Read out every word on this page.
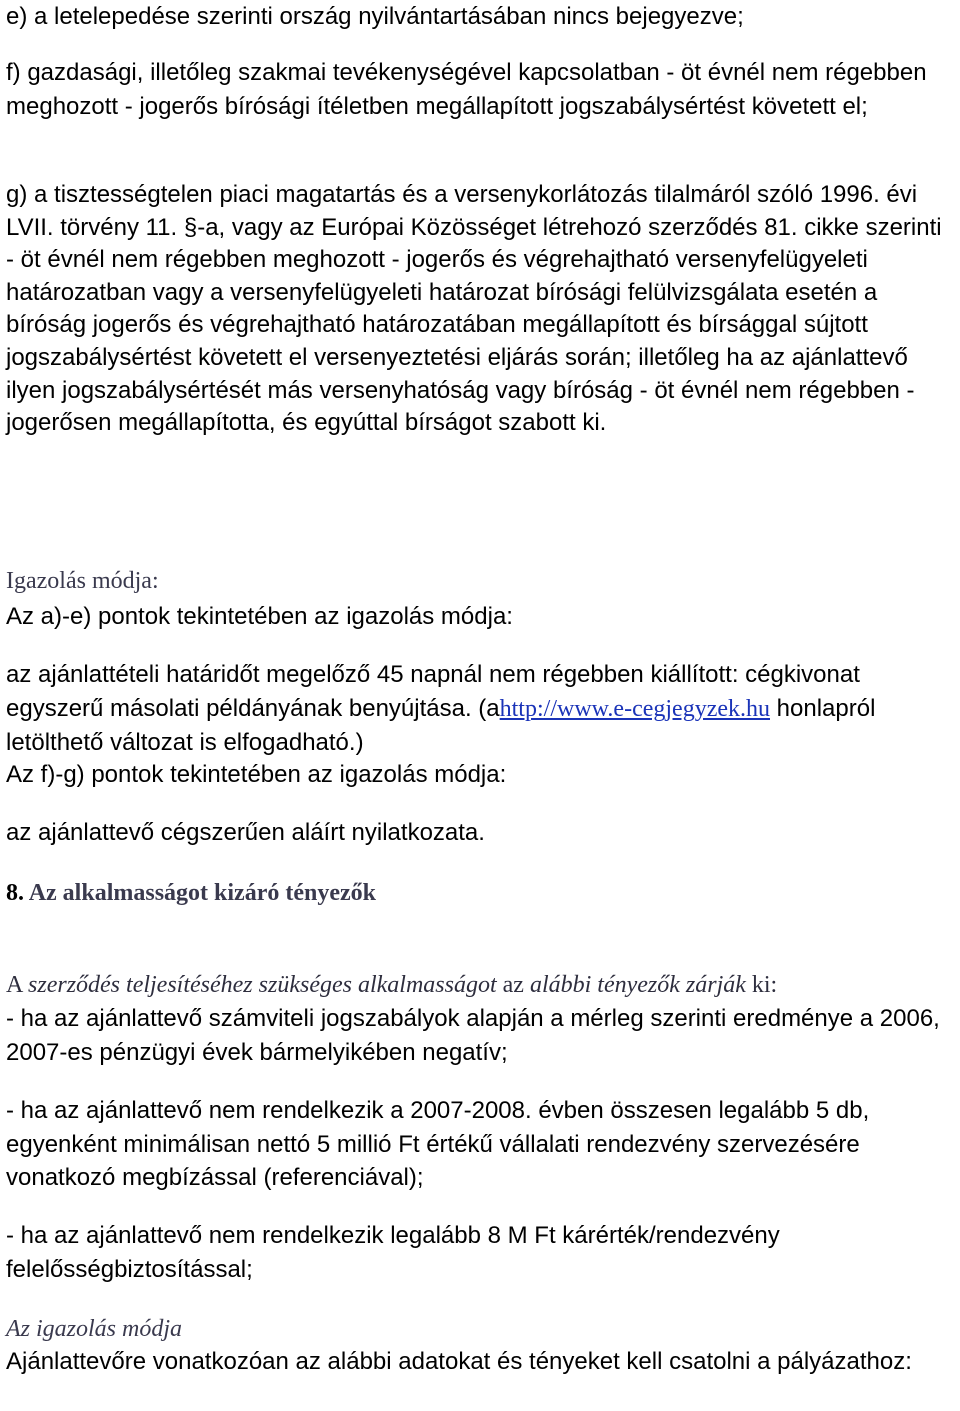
e) a letelepedése szerinti ország nyilvántartásában nincs bejegyezve;

f) gazdasági, illetőleg szakmai tevékenységével kapcsolatban - öt évnél nem régebben meghozott - jogerős bírósági ítéletben megállapított jogszabálysértést követett el;

g) a tisztességtelen piaci magatartás és a versenykorlátozás tilalmáról szóló 1996. évi LVII. törvény 11. §-a, vagy az Európai Közösséget létrehozó szerződés 81. cikke szerinti - öt évnél nem régebben meghozott - jogerős és végrehajtható versenyfelügyeleti határozatban vagy a versenyfelügyeleti határozat bírósági felülvizsgálata esetén a bíróság jogerős és végrehajtható határozatában megállapított és bírsággal sújtott jogszabálysértést követett el versenyeztetési eljárás során; illetőleg ha az ajánlattevő ilyen jogszabálysértését más versenyhatóság vagy bíróság - öt évnél nem régebben - jogerősen megállapította, és egyúttal bírságot szabott ki.

Igazolás módja:

Az a)-e) pontok tekintetében az igazolás módja:

az ajánlattételi határidőt megelőző 45 napnál nem régebben kiállított: cégkivonat egyszerű másolati példányának benyújtása. (ahttp://www.e-cegjegyzek.hu honlapról letölthető változat is elfogadható.)

Az f)-g) pontok tekintetében az igazolás módja:

az ajánlattevő cégszerűen aláírt nyilatkozata.

8. Az alkalmasságot kizáró tényezők
A szerződés teljesítéséhez szükséges alkalmasságot az alábbi tényezők zárják ki:

- ha az ajánlattevő számviteli jogszabályok alapján a mérleg szerinti eredménye a 2006, 2007-es pénzügyi évek bármelyikében negatív;

- ha az ajánlattevő nem rendelkezik a 2007-2008. évben összesen legalább 5 db, egyenként minimálisan nettó 5 millió Ft értékű vállalati rendezvény szervezésére vonatkozó megbízással (referenciával);

- ha az ajánlattevő nem rendelkezik legalább 8 M Ft kárérték/rendezvény felelősségbiztosítással;

Az igazolás módja

Ajánlattevőre vonatkozóan az alábbi adatokat és tényeket kell csatolni a pályázathoz:
